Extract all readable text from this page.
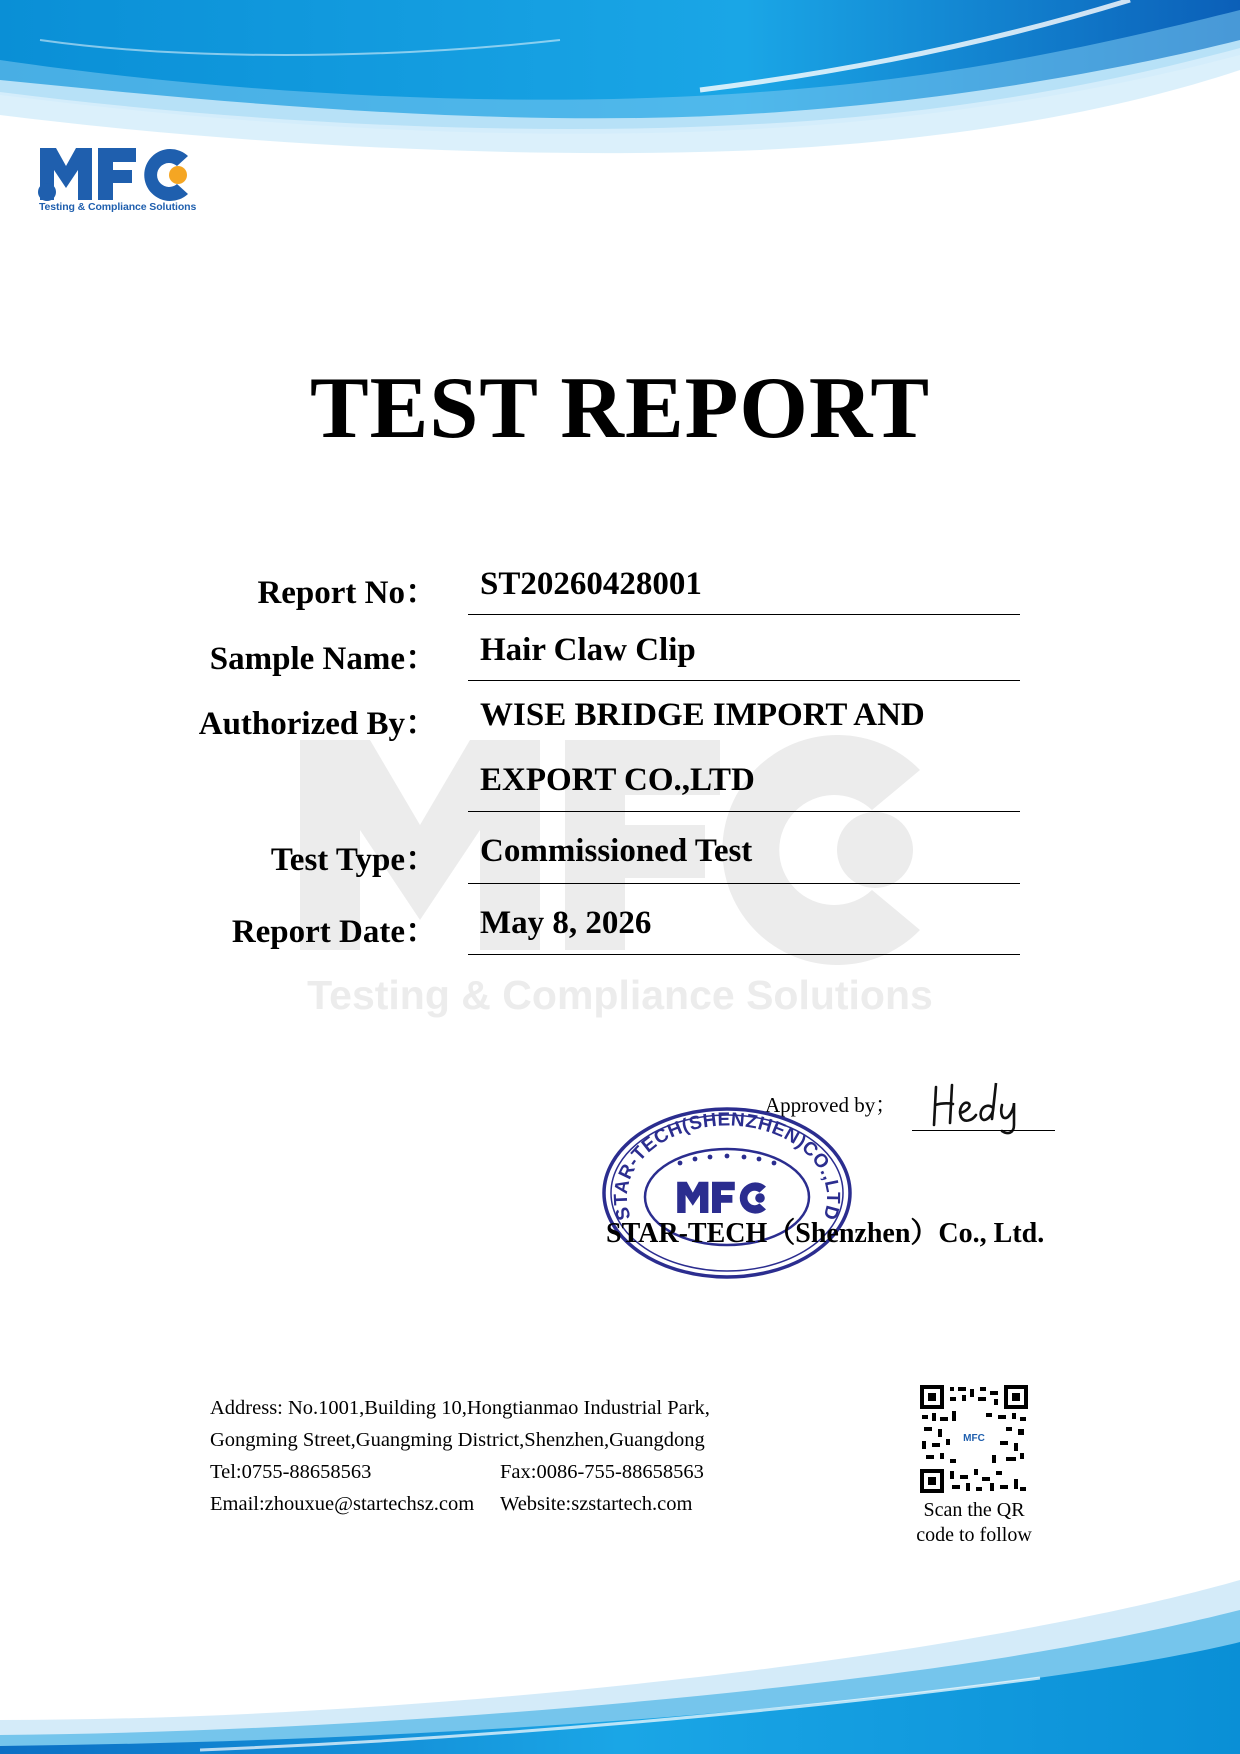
Testing & Compliance Solutions
Testing & Compliance Solutions
TEST REPORT
Report No： ST20260428001
Sample Name： Hair Claw Clip
Authorized By： WISE BRIDGE IMPORT AND
EXPORT CO.,LTD
Test Type： Commissioned Test
Report Date： May 8, 2026
Approved by；
STAR-TECH(SHENZHEN)CO.,LTD
STAR-TECH（Shenzhen）Co., Ltd.
Address: No.1001,Building 10,Hongtianmao Industrial Park,
Gongming Street,Guangming District,Shenzhen,Guangdong
Tel:0755-88658563	Fax:0086-755-88658563
Email:zhouxue@startechsz.com Website:szstartech.com
MFC
Scan the QR
code to follow
